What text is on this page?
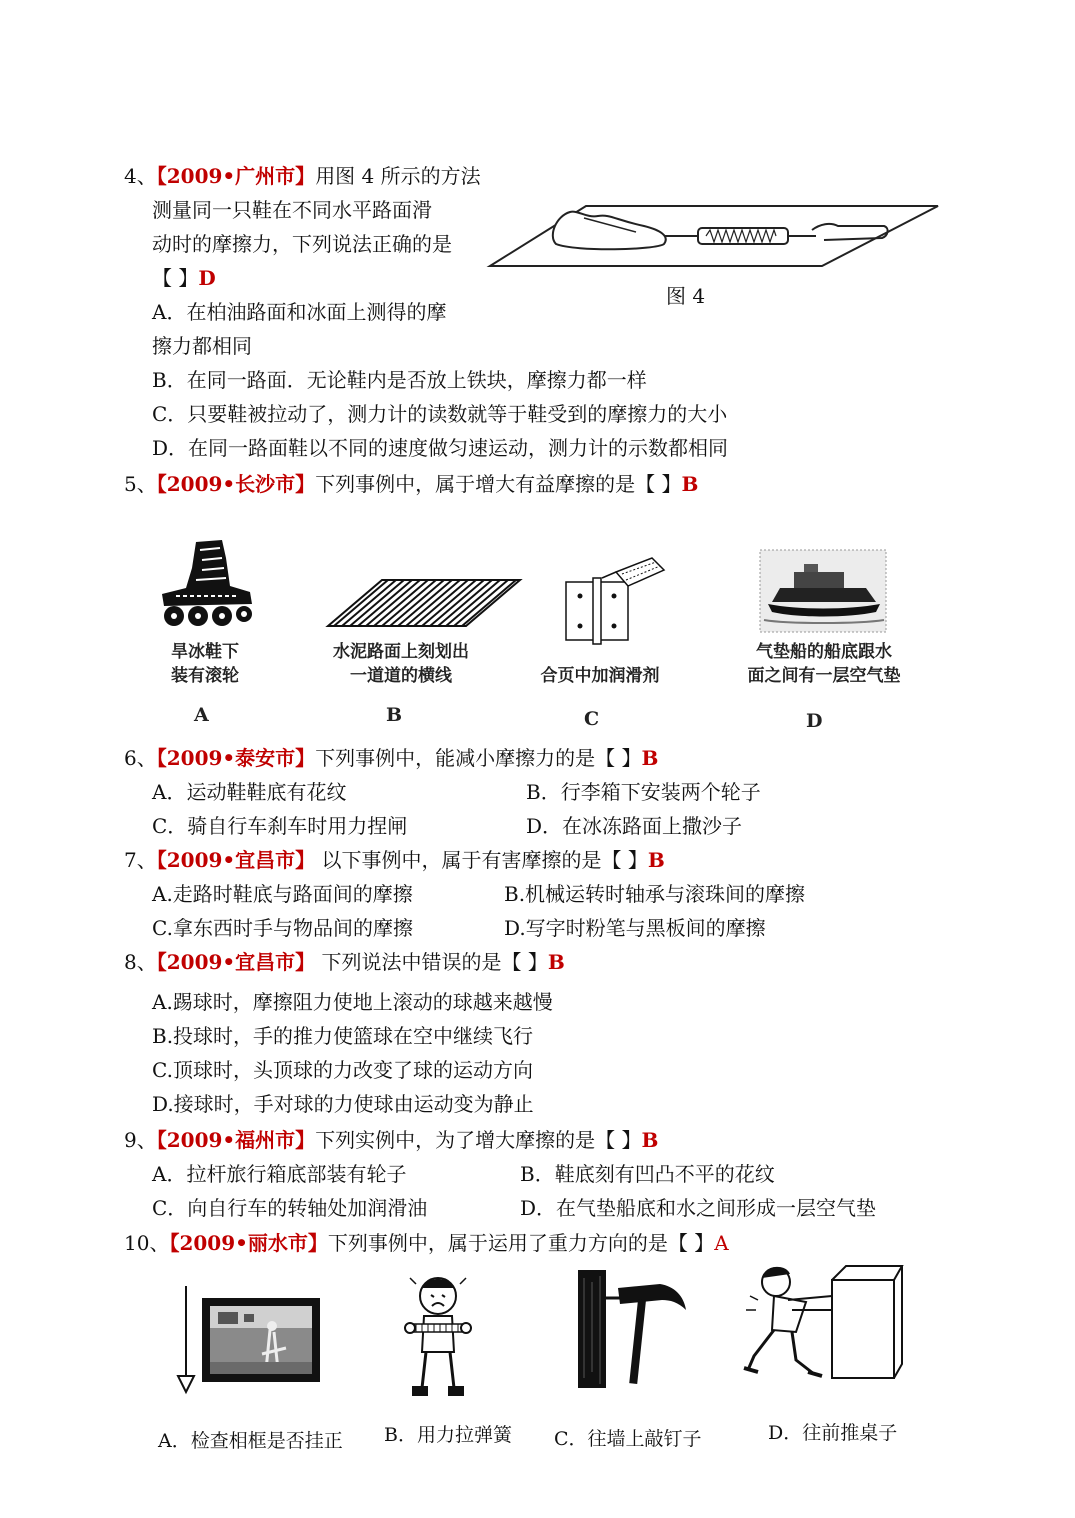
4、【2009•广州市】用图 4 所示的方法
测量同一只鞋在不同水平路面滑
动时的摩擦力，下列说法正确的是
【 】D
A．在柏油路面和冰面上测得的摩
擦力都相同
B．在同一路面．无论鞋内是否放上铁块，摩擦力都一样
C．只要鞋被拉动了，测力计的读数就等于鞋受到的摩擦力的大小
D．在同一路面鞋以不同的速度做匀速运动，测力计的示数都相同
图 4
5、【2009•长沙市】下列事例中，属于增大有益摩擦的是【 】B
旱冰鞋下
装有滚轮
A
水泥路面上刻划出
一道道的横线
B
合页中加润滑剂
C
气垫船的船底跟水
面之间有一层空气垫
D
6、【2009•泰安市】下列事例中，能减小摩擦力的是【 】B
A．运动鞋鞋底有花纹	B．行李箱下安装两个轮子
C．骑自行车刹车时用力捏闸	D．在冰冻路面上撒沙子
7、【2009•宜昌市】 以下事例中，属于有害摩擦的是【 】B
A.走路时鞋底与路面间的摩擦	B.机械运转时轴承与滚珠间的摩擦
C.拿东西时手与物品间的摩擦	D.写字时粉笔与黑板间的摩擦
8、【2009•宜昌市】 下列说法中错误的是【 】B
A.踢球时，摩擦阻力使地上滚动的球越来越慢
B.投球时，手的推力使篮球在空中继续飞行
C.顶球时，头顶球的力改变了球的运动方向
D.接球时，手对球的力使球由运动变为静止
9、【2009•福州市】下列实例中，为了增大摩擦的是【 】B
A．拉杆旅行箱底部装有轮子	B．鞋底刻有凹凸不平的花纹
C．向自行车的转轴处加润滑油	D．在气垫船底和水之间形成一层空气垫
10、【2009•丽水市】下列事例中，属于运用了重力方向的是【 】A
A．检查相框是否挂正 B．用力拉弹簧 C．往墙上敲钉子	D．往前推桌子
